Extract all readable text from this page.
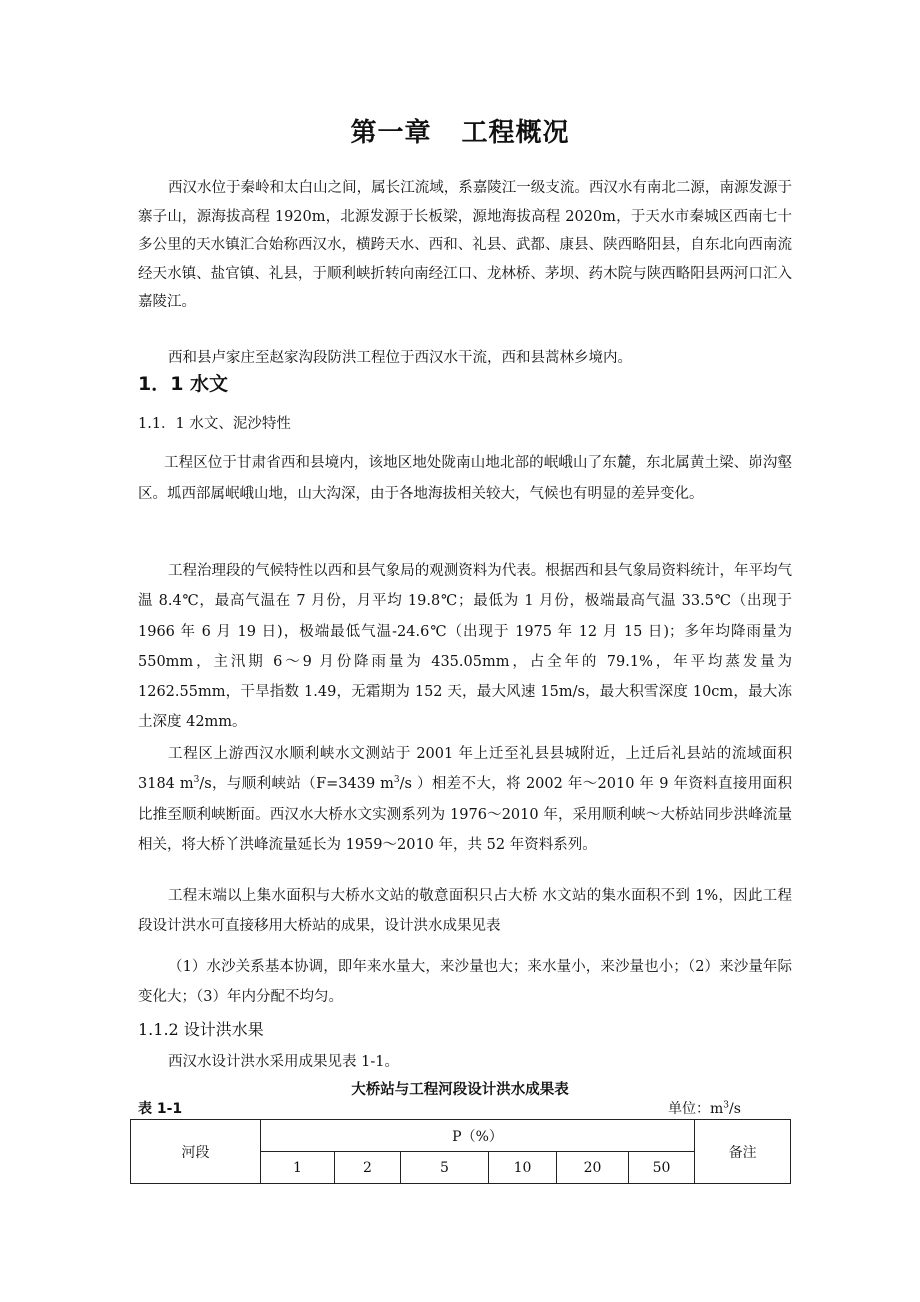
第一章 工程概况
西汉水位于秦岭和太白山之间，属长江流域，系嘉陵江一级支流。西汉水有南北二源，南源发源于寨子山，源海拔高程 1920m，北源发源于长板梁，源地海拔高程 2020m，于天水市秦城区西南七十多公里的天水镇汇合始称西汉水，横跨天水、西和、礼县、武都、康县、陕西略阳县，自东北向西南流经天水镇、盐官镇、礼县，于顺利峡折转向南经江口、龙林桥、茅坝、药木院与陕西略阳县两河口汇入嘉陵江。
西和县卢家庄至赵家沟段防洪工程位于西汉水干流，西和县蒿林乡境内。
1．1 水文
1.1．1 水文、泥沙特性
工程区位于甘肃省西和县境内，该地区地处陇南山地北部的岷峨山了东麓，东北属黄土梁、峁沟壑区。坬西部属岷峨山地，山大沟深，由于各地海拔相关较大，气候也有明显的差异变化。
工程治理段的气候特性以西和县气象局的观测资料为代表。根据西和县气象局资料统计，年平均气温 8.4℃，最高气温在 7 月份，月平均 19.8℃；最低为 1 月份，极端最高气温 33.5℃（出现于 1966 年 6 月 19 日)，极端最低气温-24.6℃（出现于 1975 年 12 月 15 日)；多年均降雨量为 550mm，主汛期 6～9 月份降雨量为 435.05mm，占全年的 79.1%，年平均蒸发量为 1262.55mm，干旱指数 1.49，无霜期为 152 天，最大风速 15m/s，最大积雪深度 10cm，最大冻土深度 42mm。
工程区上游西汉水顺利峡水文测站于 2001 年上迁至礼县县城附近，上迁后礼县站的流域面积 3184 $m^3/s$，与顺利峡站（F=3439 $m^3/s$ ）相差不大，将 2002 年～2010 年 9 年资料直接用面积比推至顺利峡断面。西汉水大桥水文实测系列为 1976～2010 年，采用顺利峡～大桥站同步洪峰流量相关，将大桥丫洪峰流量延长为 1959～2010 年，共 52 年资料系列。
工程末端以上集水面积与大桥水文站的敬意面积只占大桥 水文站的集水面积不到 1%，因此工程段设计洪水可直接移用大桥站的成果，设计洪水成果见表
（1）水沙关系基本协调，即年来水量大，来沙量也大；来水量小，来沙量也小；（2）来沙量年际变化大；（3）年内分配不均匀。
1.1.2 设计洪水果
西汉水设计洪水采用成果见表 1-1。
大桥站与工程河段设计洪水成果表
表 1-1	单位：$m^3/s$
河段	P（%）						备注
	1	2	5	10	20	50	
